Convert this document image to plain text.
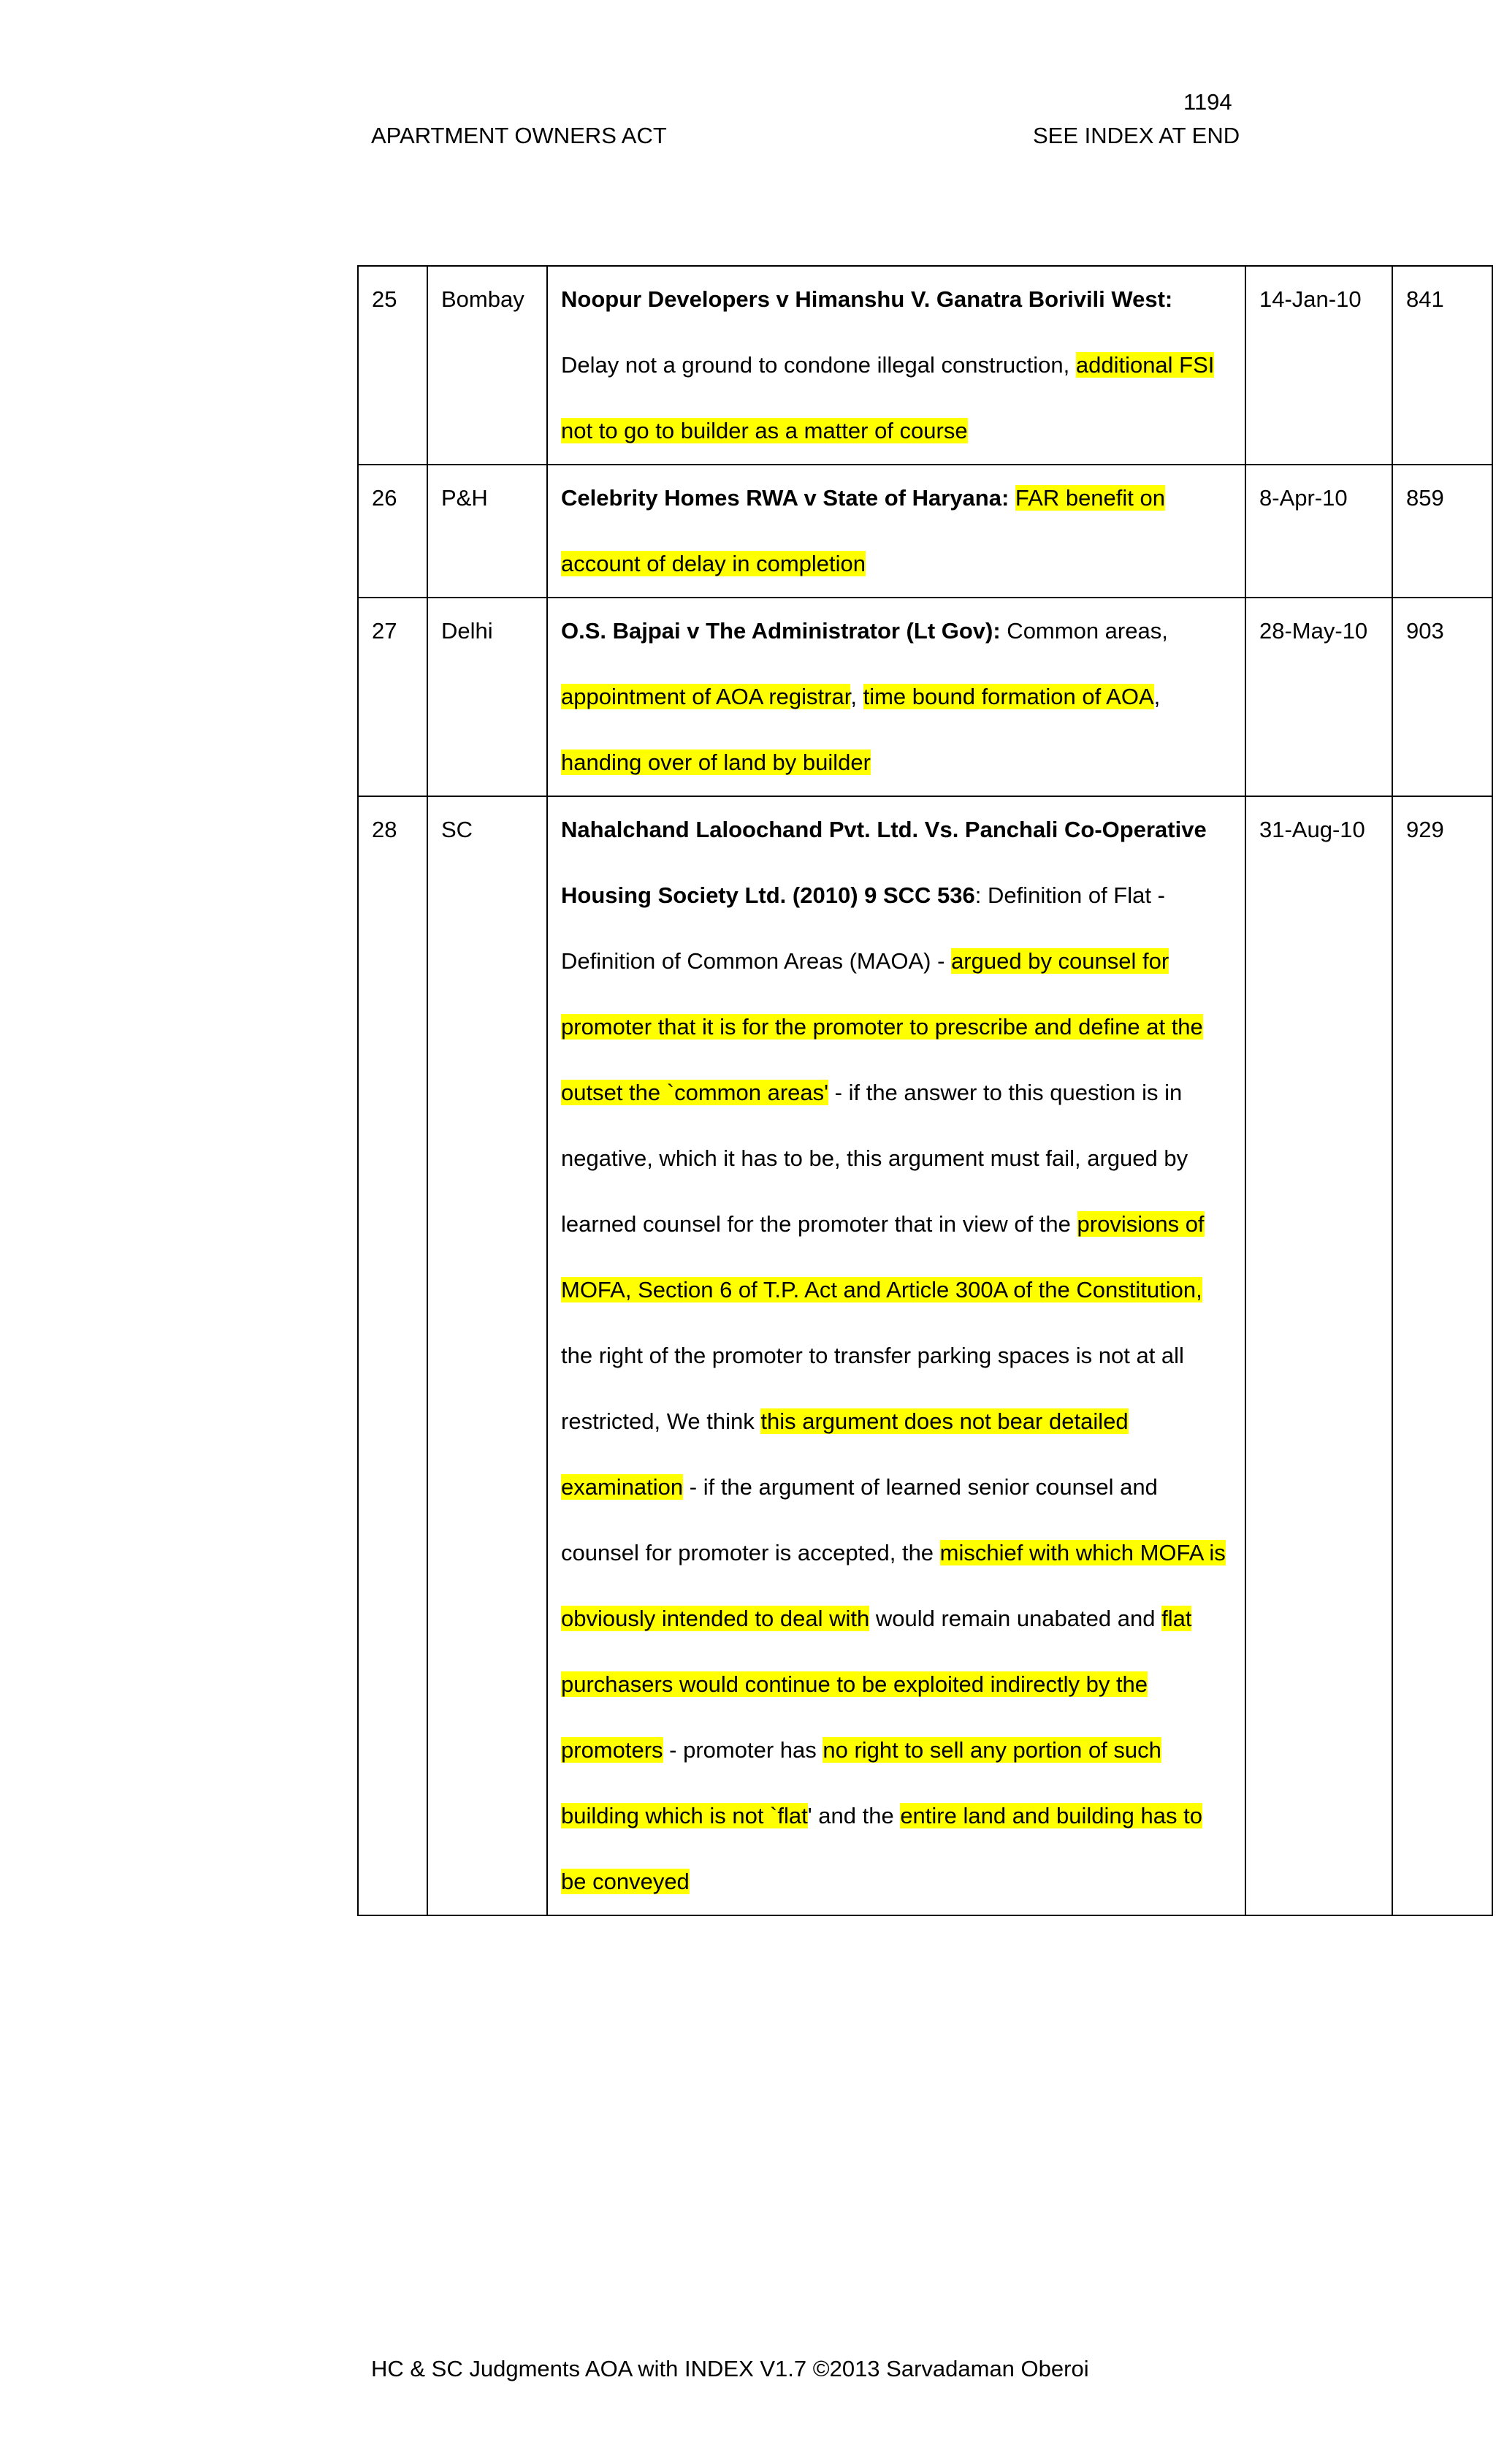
1194
APARTMENT OWNERS ACT	SEE INDEX AT END
25	Bombay	Noopur Developers v Himanshu V. Ganatra Borivili West: Delay not a ground to condone illegal construction, additional FSI not to go to builder as a matter of course	14-Jan-10	841
26	P&H	Celebrity Homes RWA v State of Haryana: FAR benefit on account of delay in completion	8-Apr-10	859
27	Delhi	O.S. Bajpai v The Administrator (Lt Gov): Common areas, appointment of AOA registrar, time bound formation of AOA, handing over of land by builder	28-May-10	903
28	SC	Nahalchand Laloochand Pvt. Ltd. Vs. Panchali Co-Operative Housing Society Ltd. (2010) 9 SCC 536: Definition of Flat - Definition of Common Areas (MAOA) - argued by counsel for promoter that it is for the promoter to prescribe and define at the outset the `common areas' - if the answer to this question is in negative, which it has to be, this argument must fail, argued by learned counsel for the promoter that in view of the provisions of MOFA, Section 6 of T.P. Act and Article 300A of the Constitution, the right of the promoter to transfer parking spaces is not at all restricted, We think this argument does not bear detailed examination - if the argument of learned senior counsel and counsel for promoter is accepted, the mischief with which MOFA is obviously intended to deal with would remain unabated and flat purchasers would continue to be exploited indirectly by the promoters - promoter has no right to sell any portion of such building which is not `flat' and the entire land and building has to be conveyed	31-Aug-10	929
HC & SC Judgments AOA with INDEX V1.7 ©2013 Sarvadaman Oberoi
